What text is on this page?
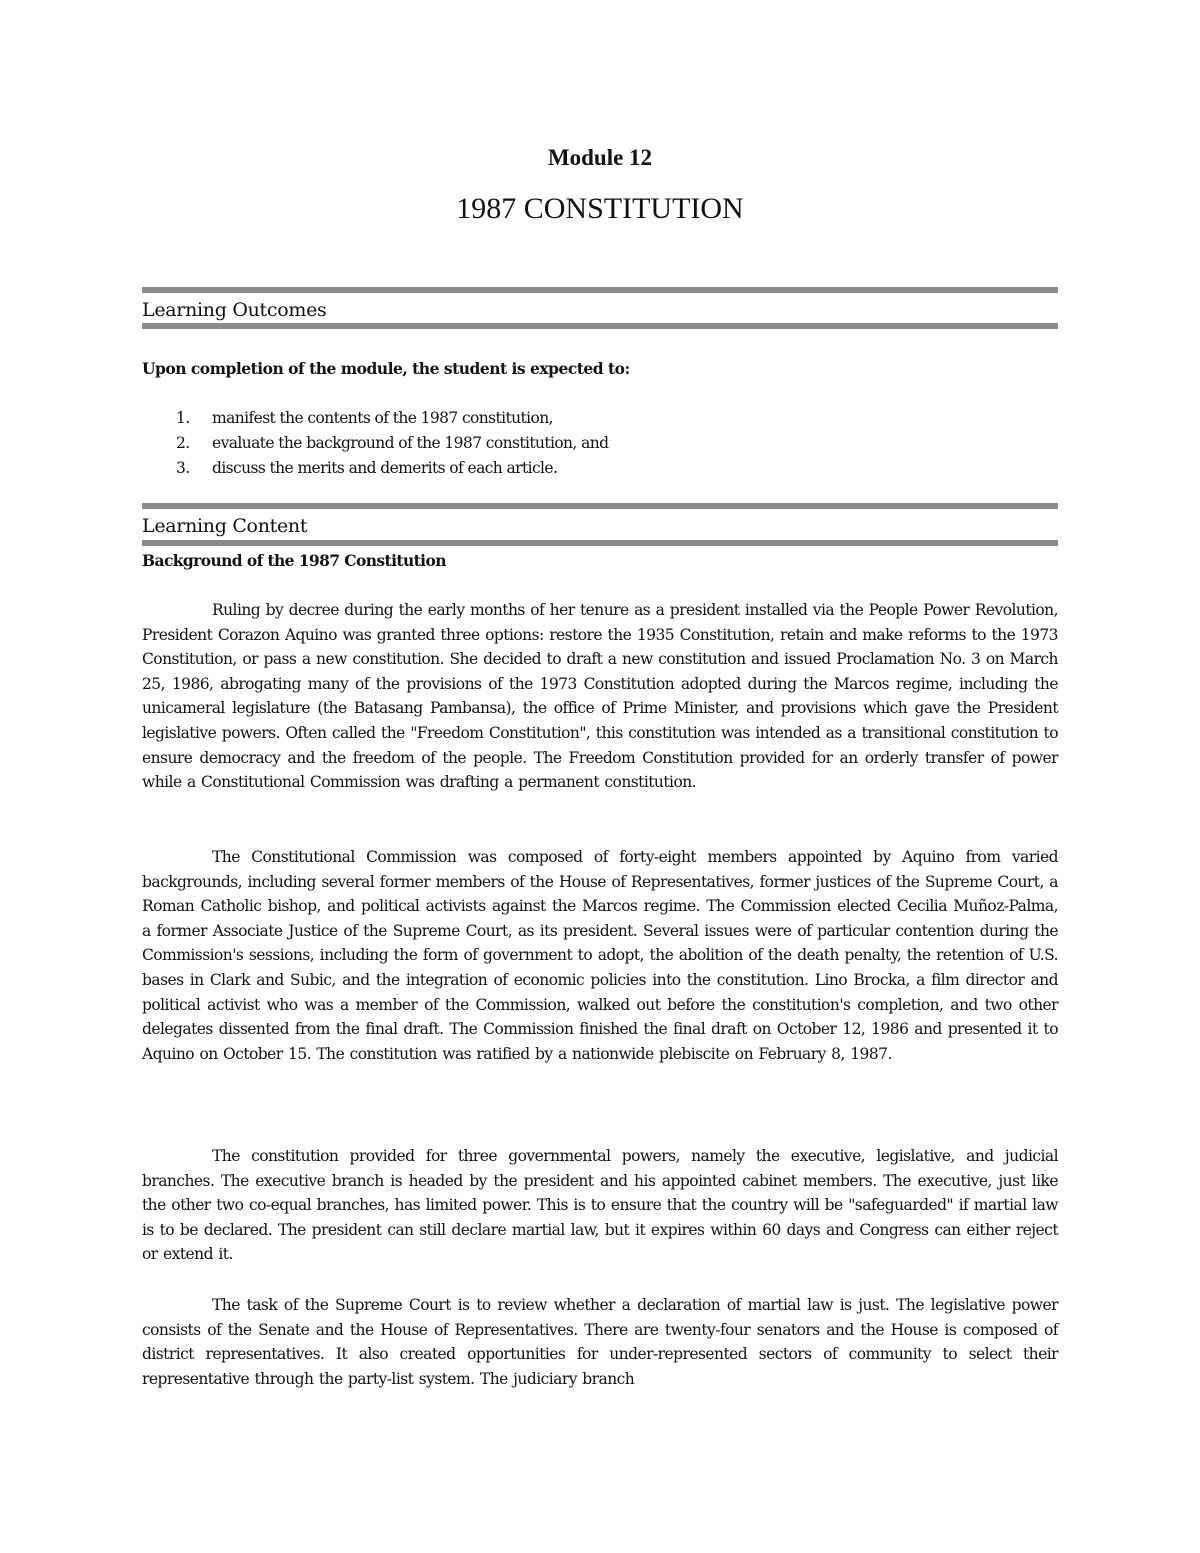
Module 12
1987 CONSTITUTION
Learning Outcomes
Upon completion of the module, the student is expected to:
1. manifest the contents of the 1987 constitution,
2. evaluate the background of the 1987 constitution, and
3. discuss the merits and demerits of each article.
Learning Content
Background of the 1987 Constitution

Ruling by decree during the early months of her tenure as a president installed via the People Power Revolution, President Corazon Aquino was granted three options: restore the 1935 Constitution, retain and make reforms to the 1973 Constitution, or pass a new constitution. She decided to draft a new constitution and issued Proclamation No. 3 on March 25, 1986, abrogating many of the provisions of the 1973 Constitution adopted during the Marcos regime, including the unicameral legislature (the Batasang Pambansa), the office of Prime Minister, and provisions which gave the President legislative powers. Often called the "Freedom Constitution", this constitution was intended as a transitional constitution to ensure democracy and the freedom of the people. The Freedom Constitution provided for an orderly transfer of power while a Constitutional Commission was drafting a permanent constitution.

The Constitutional Commission was composed of forty-eight members appointed by Aquino from varied backgrounds, including several former members of the House of Representatives, former justices of the Supreme Court, a Roman Catholic bishop, and political activists against the Marcos regime. The Commission elected Cecilia Muñoz-Palma, a former Associate Justice of the Supreme Court, as its president. Several issues were of particular contention during the Commission's sessions, including the form of government to adopt, the abolition of the death penalty, the retention of U.S. bases in Clark and Subic, and the integration of economic policies into the constitution. Lino Brocka, a film director and political activist who was a member of the Commission, walked out before the constitution's completion, and two other delegates dissented from the final draft. The Commission finished the final draft on October 12, 1986 and presented it to Aquino on October 15. The constitution was ratified by a nationwide plebiscite on February 8, 1987.

The constitution provided for three governmental powers, namely the executive, legislative, and judicial branches. The executive branch is headed by the president and his appointed cabinet members. The executive, just like the other two co-equal branches, has limited power. This is to ensure that the country will be "safeguarded" if martial law is to be declared. The president can still declare martial law, but it expires within 60 days and Congress can either reject or extend it.

The task of the Supreme Court is to review whether a declaration of martial law is just. The legislative power consists of the Senate and the House of Representatives. There are twenty-four senators and the House is composed of district representatives. It also created opportunities for under-represented sectors of community to select their representative through the party-list system. The judiciary branch
